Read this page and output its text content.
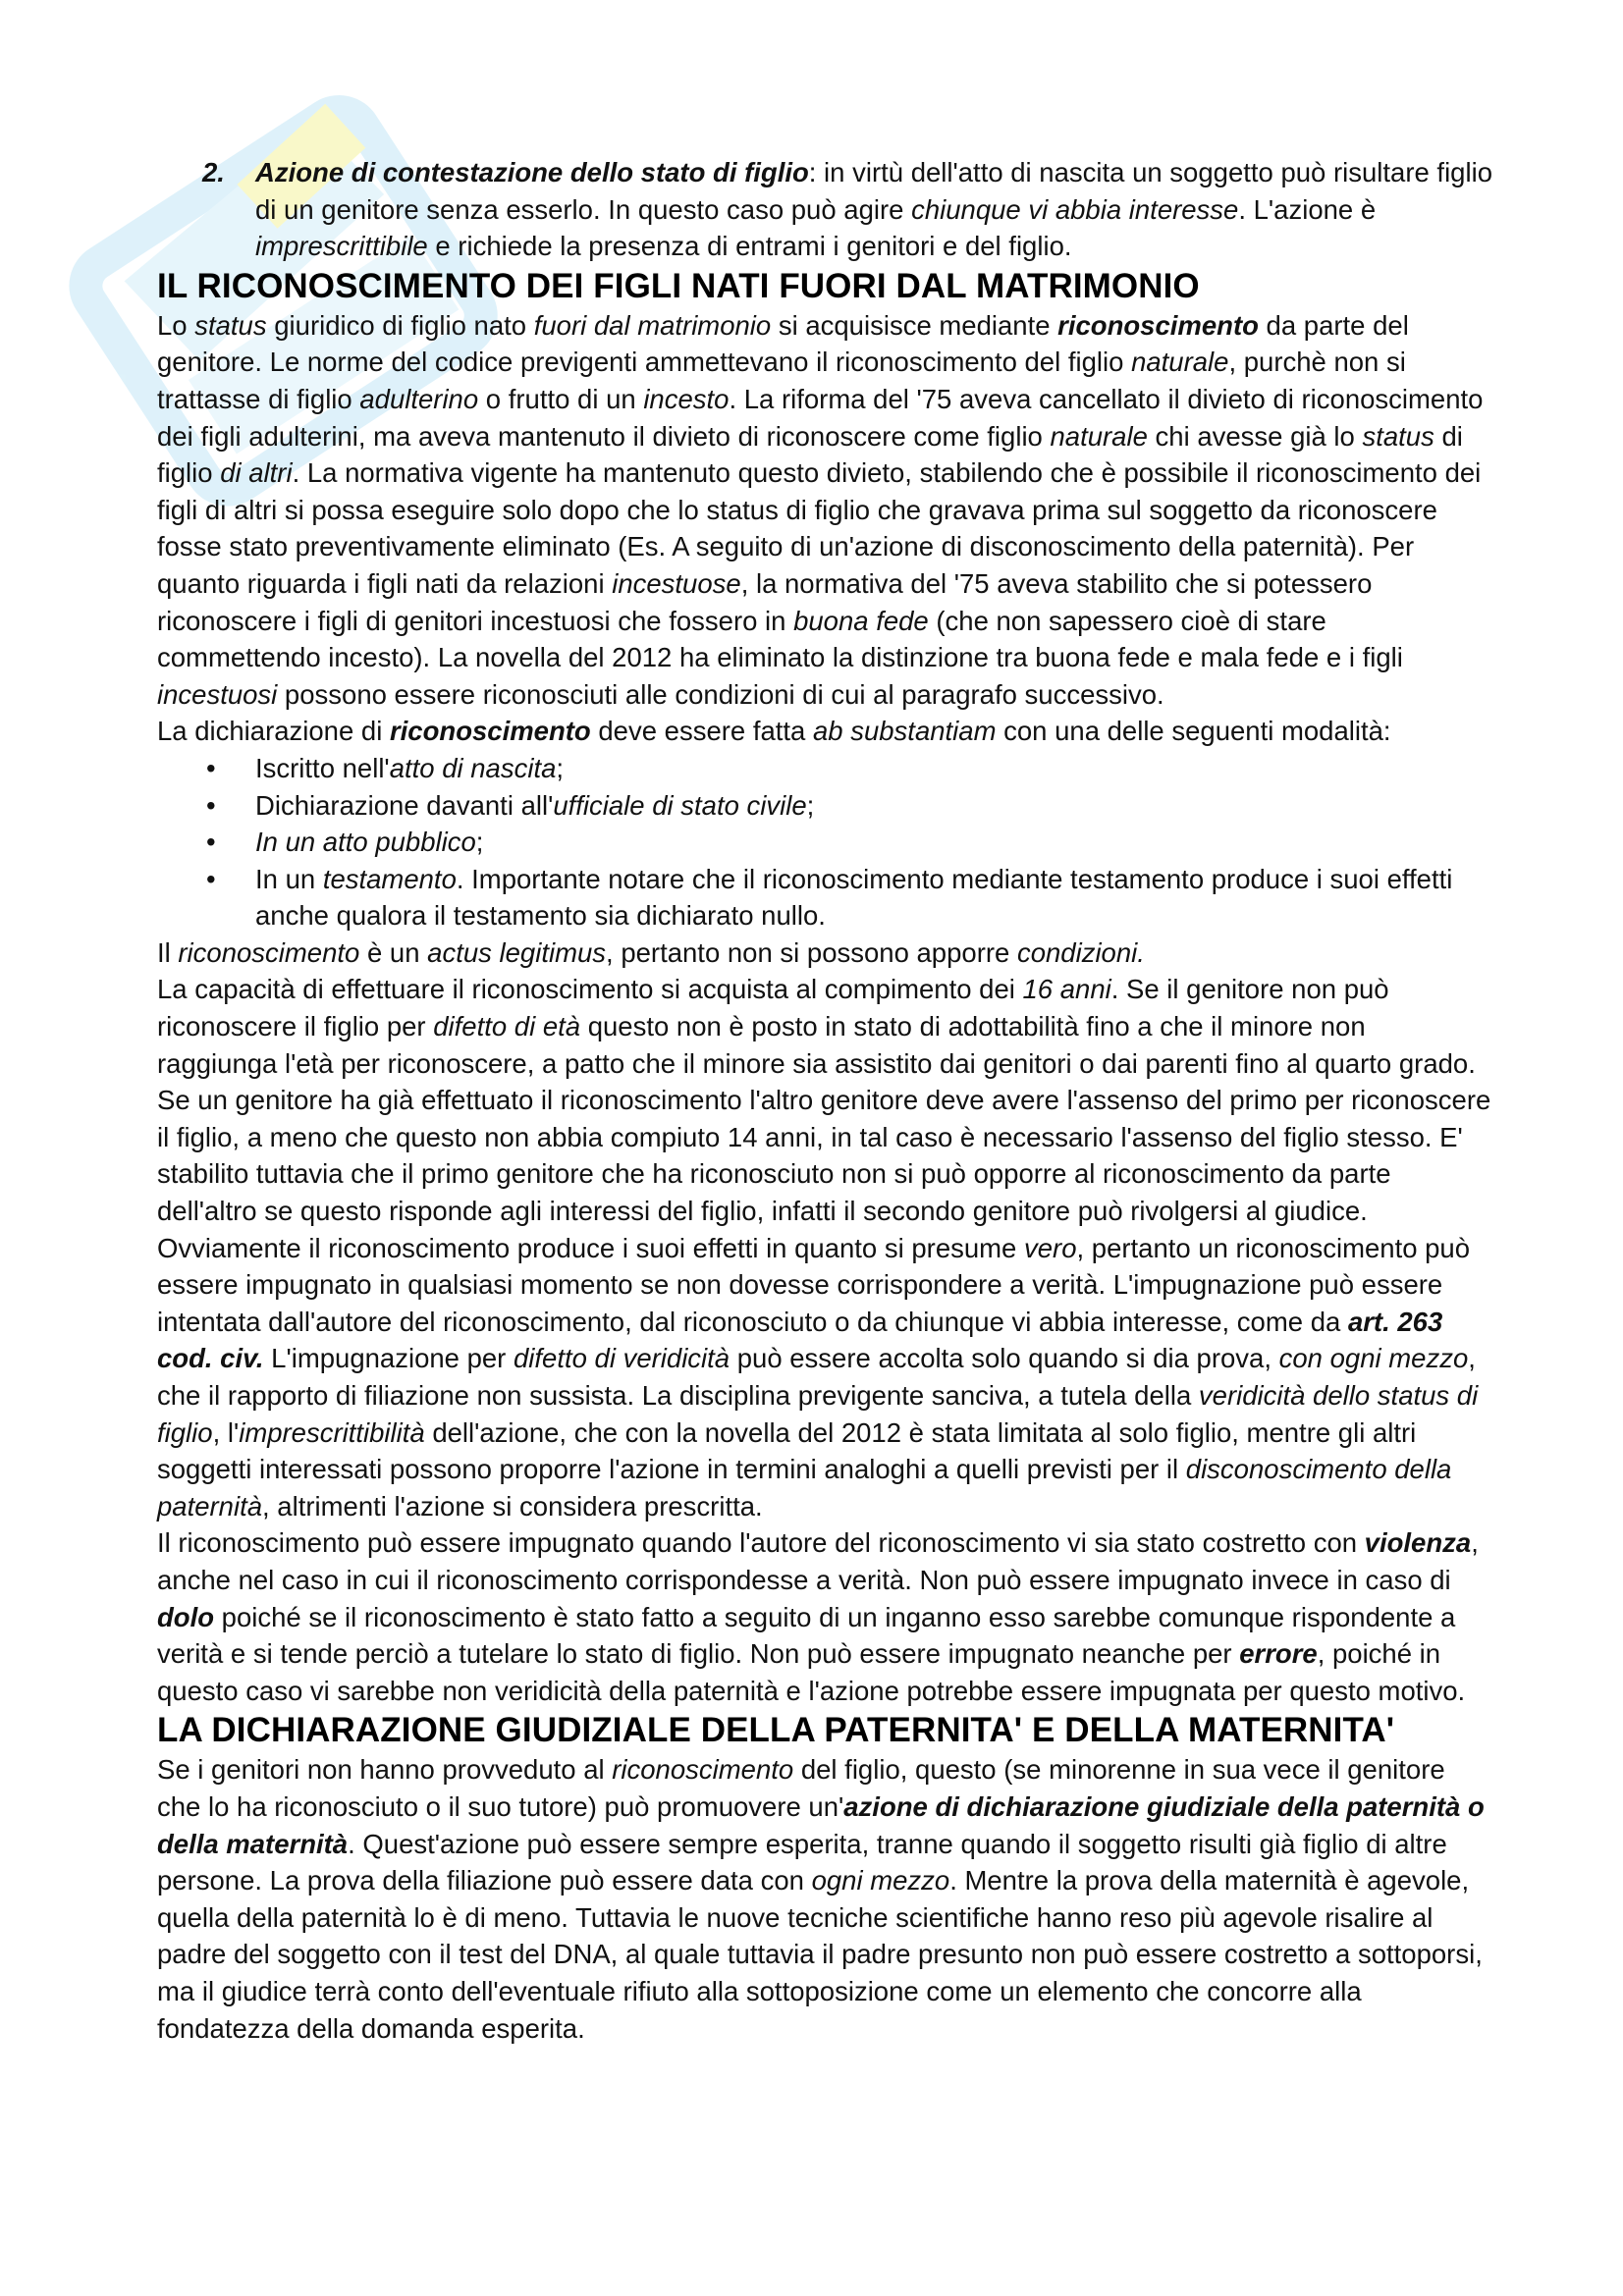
2. Azione di contestazione dello stato di figlio: in virtù dell'atto di nascita un soggetto può risultare figlio di un genitore senza esserlo. In questo caso può agire chiunque vi abbia interesse. L'azione è imprescrittibile e richiede la presenza di entrami i genitori e del figlio.
IL RICONOSCIMENTO DEI FIGLI NATI FUORI DAL MATRIMONIO

Lo status giuridico di figlio nato fuori dal matrimonio si acquisisce mediante riconoscimento da parte del genitore. Le norme del codice previgenti ammettevano il riconoscimento del figlio naturale, purchè non si trattasse di figlio adulterino o frutto di un incesto. La riforma del '75 aveva cancellato il divieto di riconoscimento dei figli adulterini, ma aveva mantenuto il divieto di riconoscere come figlio naturale chi avesse già lo status di figlio di altri. La normativa vigente ha mantenuto questo divieto, stabilendo che è possibile il riconoscimento dei figli di altri si possa eseguire solo dopo che lo status di figlio che gravava prima sul soggetto da riconoscere fosse stato preventivamente eliminato (Es. A seguito di un'azione di disconoscimento della paternità). Per quanto riguarda i figli nati da relazioni incestuose, la normativa del '75 aveva stabilito che si potessero riconoscere i figli di genitori incestuosi che fossero in buona fede (che non sapessero cioè di stare commettendo incesto). La novella del 2012 ha eliminato la distinzione tra buona fede e mala fede e i figli incestuosi possono essere riconosciuti alle condizioni di cui al paragrafo successivo.

La dichiarazione di riconoscimento deve essere fatta ab substantiam con una delle seguenti modalità:

• Iscritto nell'atto di nascita;
• Dichiarazione davanti all'ufficiale di stato civile;
• In un atto pubblico;
• In un testamento. Importante notare che il riconoscimento mediante testamento produce i suoi effetti anche qualora il testamento sia dichiarato nullo.

Il riconoscimento è un actus legitimus, pertanto non si possono apporre condizioni.

La capacità di effettuare il riconoscimento si acquista al compimento dei 16 anni. Se il genitore non può riconoscere il figlio per difetto di età questo non è posto in stato di adottabilità fino a che il minore non raggiunga l'età per riconoscere, a patto che il minore sia assistito dai genitori o dai parenti fino al quarto grado. Se un genitore ha già effettuato il riconoscimento l'altro genitore deve avere l'assenso del primo per riconoscere il figlio, a meno che questo non abbia compiuto 14 anni, in tal caso è necessario l'assenso del figlio stesso. E' stabilito tuttavia che il primo genitore che ha riconosciuto non si può opporre al riconoscimento da parte dell'altro se questo risponde agli interessi del figlio, infatti il secondo genitore può rivolgersi al giudice.

Ovviamente il riconoscimento produce i suoi effetti in quanto si presume vero, pertanto un riconoscimento può essere impugnato in qualsiasi momento se non dovesse corrispondere a verità. L'impugnazione può essere intentata dall'autore del riconoscimento, dal riconosciuto o da chiunque vi abbia interesse, come da art. 263 cod. civ. L'impugnazione per difetto di veridicità può essere accolta solo quando si dia prova, con ogni mezzo, che il rapporto di filiazione non sussista. La disciplina previgente sanciva, a tutela della veridicità dello status di figlio, l'imprescrittibilità dell'azione, che con la novella del 2012 è stata limitata al solo figlio, mentre gli altri soggetti interessati possono proporre l'azione in termini analoghi a quelli previsti per il disconoscimento della paternità, altrimenti l'azione si considera prescritta.

Il riconoscimento può essere impugnato quando l'autore del riconoscimento vi sia stato costretto con violenza, anche nel caso in cui il riconoscimento corrispondesse a verità. Non può essere impugnato invece in caso di dolo poiché se il riconoscimento è stato fatto a seguito di un inganno esso sarebbe comunque rispondente a verità e si tende perciò a tutelare lo stato di figlio. Non può essere impugnato neanche per errore, poiché in questo caso vi sarebbe non veridicità della paternità e l'azione potrebbe essere impugnata per questo motivo.

LA DICHIARAZIONE GIUDIZIALE DELLA PATERNITA' E DELLA MATERNITA'

Se i genitori non hanno provveduto al riconoscimento del figlio, questo (se minorenne in sua vece il genitore che lo ha riconosciuto o il suo tutore) può promuovere un'azione di dichiarazione giudiziale della paternità o della maternità. Quest'azione può essere sempre esperita, tranne quando il soggetto risulti già figlio di altre persone. La prova della filiazione può essere data con ogni mezzo. Mentre la prova della maternità è agevole, quella della paternità lo è di meno. Tuttavia le nuove tecniche scientifiche hanno reso più agevole risalire al padre del soggetto con il test del DNA, al quale tuttavia il padre presunto non può essere costretto a sottoporsi, ma il giudice terrà conto dell'eventuale rifiuto alla sottoposizione come un elemento che concorre alla fondatezza della domanda esperita.
